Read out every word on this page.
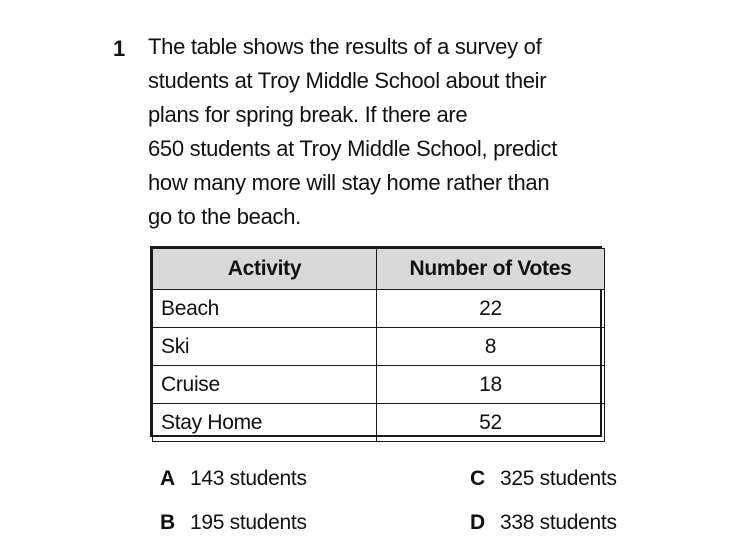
1 The table shows the results of a survey of
students at Troy Middle School about their
plans for spring break. If there are
650 students at Troy Middle School, predict
how many more will stay home rather than
go to the beach.
Activity	Number of Votes
Beach	22
Ski	8
Cruise	18
Stay Home	52
A 143 students
B 195 students
C 325 students
D 338 students
